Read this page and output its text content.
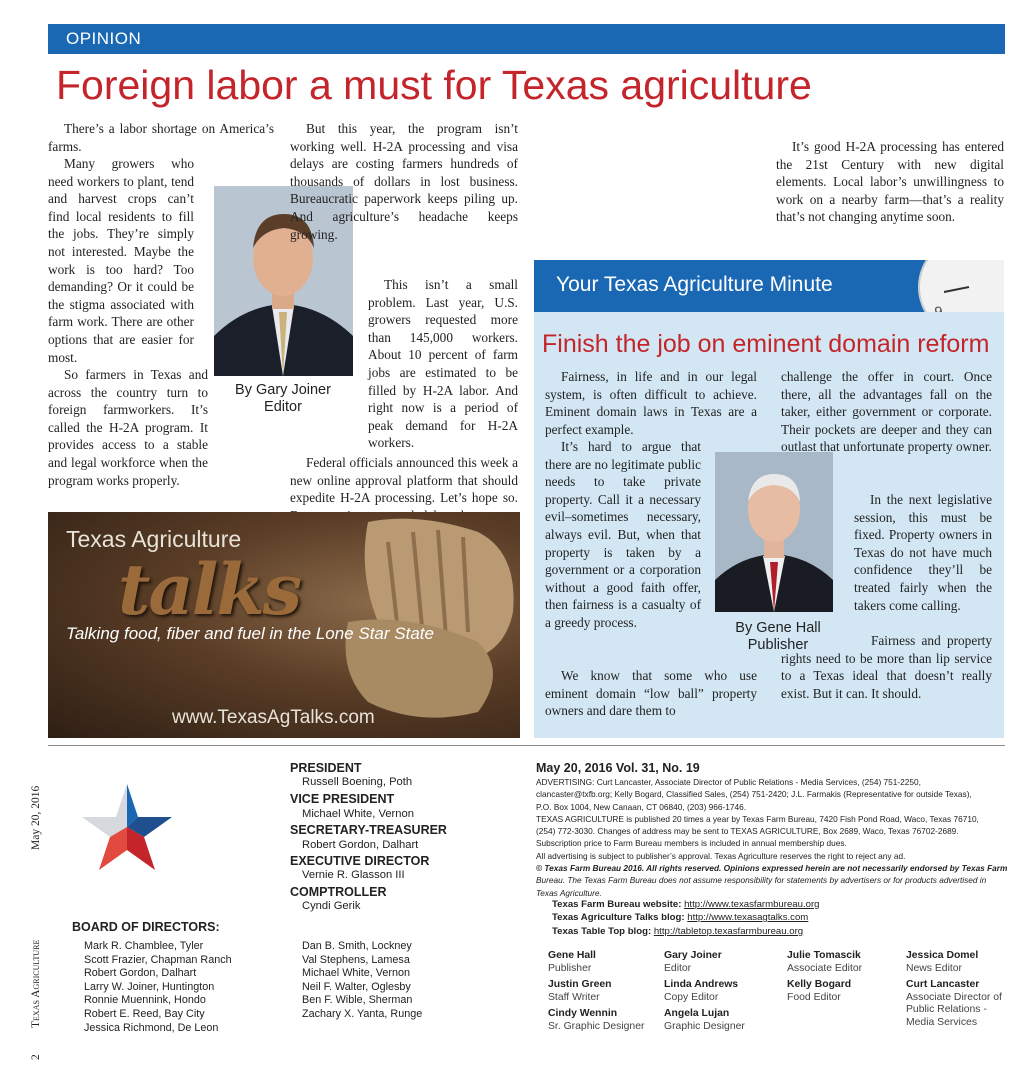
OPINION
Foreign labor a must for Texas agriculture

There’s a labor shortage on America’s farms.

Many growers who need workers to plant, tend and harvest crops can’t find local residents to fill the jobs. They’re simply not interested. Maybe the work is too hard? Too demanding? Or it could be the stigma associated with farm work. There are other options that are easier for most.

So farmers in Texas and across the country turn to foreign farmworkers. It’s called the H-2A program. It provides access to a stable and legal workforce when the program works properly.

By Gary Joiner
Editor

But this year, the program isn’t working well. H-2A processing and visa delays are costing farmers hundreds of thousands of dollars in lost business. Bureaucratic paperwork keeps piling up. And agriculture’s headache keeps growing.

This isn’t a small problem. Last year, U.S. growers requested more than 145,000 workers. About 10 percent of farm jobs are estimated to be filled by H-2A labor. And right now is a period of peak demand for H-2A workers.

Federal officials announced this week a new online approval platform that should expedite H-2A processing. Let’s hope so.

It’s good H-2A processing has entered the 21st Century with new digital elements. Local labor’s unwillingness to work on a nearby farm—that’s a reality that’s not changing anytime soon.

Texas Agriculture
talks
Talking food, fiber and fuel in the Lone Star State
www.TexasAgTalks.com
Your Texas Agriculture Minute
Finish the job on eminent domain reform

Fairness, in life and in our legal system, is often difficult to achieve. Eminent domain laws in Texas are a perfect example.

It’s hard to argue that there are no legitimate public needs to take private property. Call it a necessary evil–sometimes necessary, always evil. But, when that property is taken by a government or a corporation without a good faith offer, then fairness is a casualty of a greedy process.

We know that some who use eminent domain “low ball” property owners and dare them to

By Gene Hall
Publisher

challenge the offer in court. Once there, all the advantages fall on the taker, either government or corporate. Their pockets are deeper and they can outlast that unfortunate property owner.

In the next legislative session, this must be fixed. Property owners in Texas do not have much confidence they’ll be treated fairly when the takers come calling.

Fairness and property rights need to be more than lip service to a Texas ideal that doesn’t really exist. But it can. It should.

May 20, 2016
Texas Agriculture
2
PRESIDENT
Russell Boening, Poth
VICE PRESIDENT
Michael White, Vernon
SECRETARY-TREASURER
Robert Gordon, Dalhart
EXECUTIVE DIRECTOR
Vernie R. Glasson III
COMPTROLLER
Cyndi Gerik
BOARD OF DIRECTORS:
Mark R. Chamblee, Tyler
Scott Frazier, Chapman Ranch
Robert Gordon, Dalhart
Larry W. Joiner, Huntington
Ronnie Muennink, Hondo
Robert E. Reed, Bay City
Jessica Richmond, De Leon
Dan B. Smith, Lockney
Val Stephens, Lamesa
Michael White, Vernon
Neil F. Walter, Oglesby
Ben F. Wible, Sherman
Zachary X. Yanta, Runge
May 20, 2016 Vol. 31, No. 19
ADVERTISING: Curt Lancaster, Associate Director of Public Relations - Media Services, (254) 751-2250,
clancaster@txfb.org; Kelly Bogard, Classified Sales, (254) 751-2420; J.L. Farmakis (Representative for outside Texas),
P.O. Box 1004, New Canaan, CT 06840, (203) 966-1746.
TEXAS AGRICULTURE is published 20 times a year by Texas Farm Bureau, 7420 Fish Pond Road, Waco, Texas 76710,
(254) 772-3030. Changes of address may be sent to TEXAS AGRICULTURE, Box 2689, Waco, Texas 76702-2689.
Subscription price to Farm Bureau members is included in annual membership dues.
All advertising is subject to publisher’s approval. Texas Agriculture reserves the right to reject any ad.
© Texas Farm Bureau 2016. All rights reserved. Opinions expressed herein are not necessarily endorsed by Texas Farm
Bureau. The Texas Farm Bureau does not assume responsibility for statements by advertisers or for products advertised in
Texas Agriculture.
Texas Farm Bureau website: http://www.texasfarmbureau.org
Texas Agriculture Talks blog: http://www.texasagtalks.com
Texas Table Top blog: http://tabletop.texasfarmbureau.org
Gene Hall
Publisher
Gary Joiner
Editor
Julie Tomascik
Associate Editor
Jessica Domel
News Editor
Justin Green
Staff Writer
Linda Andrews
Copy Editor
Kelly Bogard
Food Editor
Curt Lancaster
Associate Director of Public Relations - Media Services
Cindy Wennin
Sr. Graphic Designer
Angela Lujan
Graphic Designer
